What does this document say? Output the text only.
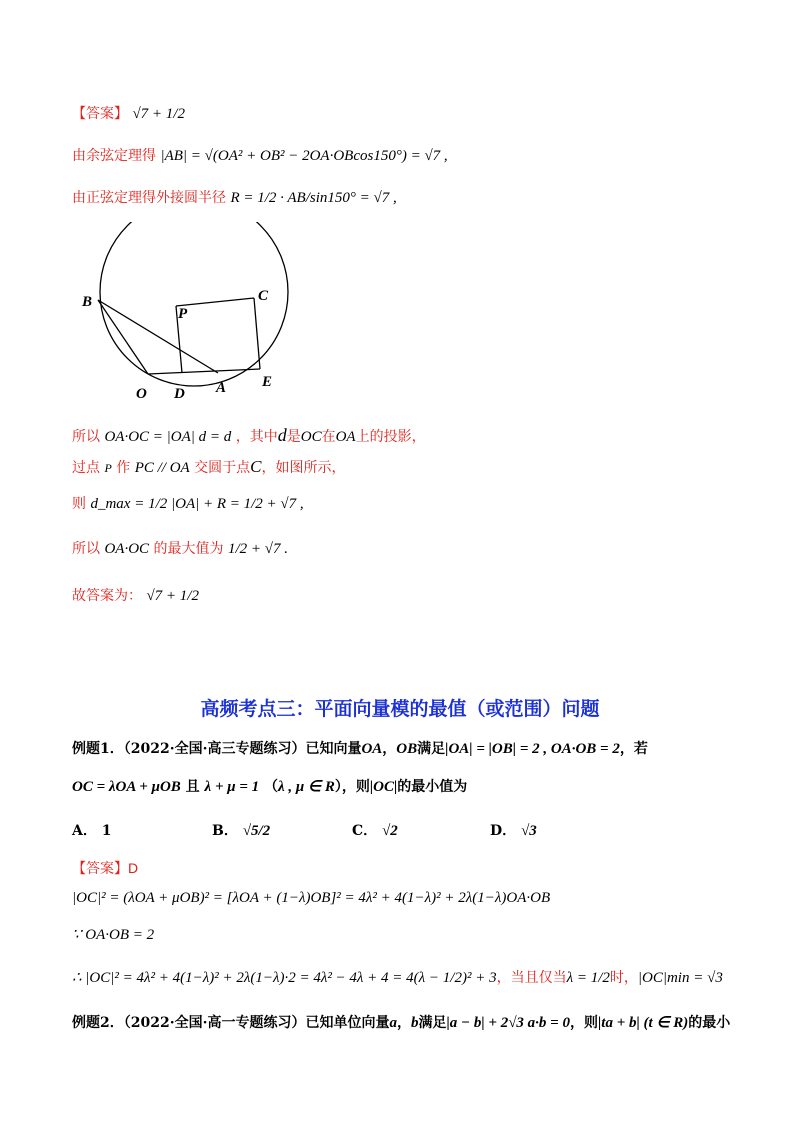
【答案】 √7 + 1/2
由余弦定理得 |AB| = √(OA² + OB² − 2OA·OBcos150°) = √7 ,
由正弦定理得外接圆半径 R = 1/2 · AB/sin150° = √7 ,
B	C
P
O D A E
所以 OA·OC = |OA| d = d ，其中d是OC在OA上的投影，
过点 P 作 PC // OA 交圆于点C，如图所示，
则 d_max = 1/2 |OA| + R = 1/2 + √7 ,
所以 OA·OC 的最大值为 1/2 + √7 .
故答案为： √7 + 1/2
高频考点三：平面向量模的最值（或范围）问题
例题1．（2022·全国·高三专题练习）已知向量OA，OB满足|OA| = |OB| = 2 , OA·OB = 2，若
OC = λOA + μOB 且 λ + μ = 1 （λ , μ ∈ R），则|OC|的最小值为
A． 1	B． √5/2	C． √2	D． √3
【答案】D
|OC|² = (λOA + μOB)² = [λOA + (1−λ)OB]² = 4λ² + 4(1−λ)² + 2λ(1−λ)OA·OB
∵ OA·OB = 2
∴ |OC|² = 4λ² + 4(1−λ)² + 2λ(1−λ)·2 = 4λ² − 4λ + 4 = 4(λ − 1/2)² + 3，当且仅当λ = 1/2时，|OC|min = √3
例题2．（2022·全国·高一专题练习）已知单位向量a，b满足|a − b| + 2√3 a·b = 0，则|ta + b| (t ∈ R)的最小
